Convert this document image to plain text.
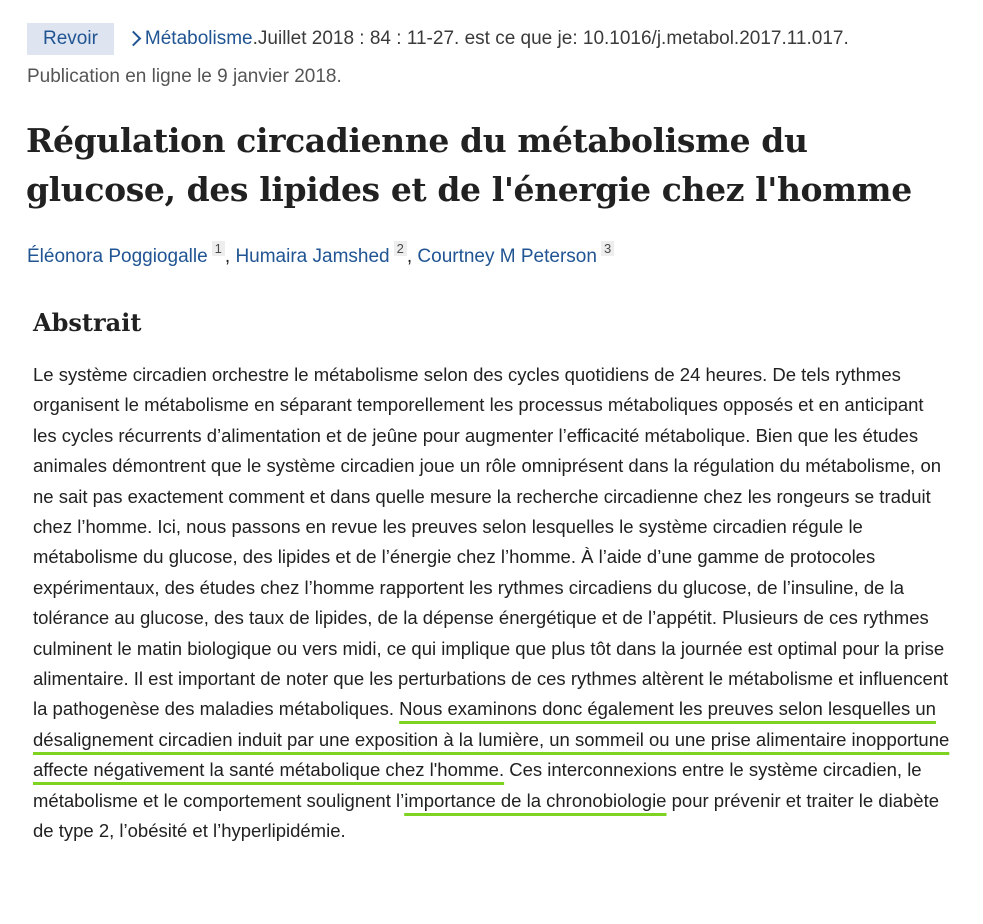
Revoir	Métabolisme .Juillet 2018 : 84 : 11-27. est ce que je: 10.1016/j.metabol.2017.11.017.
Publication en ligne le 9 janvier 2018.
Régulation circadienne du métabolisme du glucose, des lipides et de l'énergie chez l'homme
Éléonora Poggiogalle 1 , Humaira Jamshed 2 , Courtney M Peterson 3
Abstrait

Le système circadien orchestre le métabolisme selon des cycles quotidiens de 24 heures. De tels rythmes organisent le métabolisme en séparant temporellement les processus métaboliques opposés et en anticipant les cycles récurrents d’alimentation et de jeûne pour augmenter l’efficacité métabolique. Bien que les études animales démontrent que le système circadien joue un rôle omniprésent dans la régulation du métabolisme, on ne sait pas exactement comment et dans quelle mesure la recherche circadienne chez les rongeurs se traduit chez l’homme. Ici, nous passons en revue les preuves selon lesquelles le système circadien régule le métabolisme du glucose, des lipides et de l’énergie chez l’homme. À l’aide d’une gamme de protocoles expérimentaux, des études chez l’homme rapportent les rythmes circadiens du glucose, de l’insuline, de la tolérance au glucose, des taux de lipides, de la dépense énergétique et de l’appétit. Plusieurs de ces rythmes culminent le matin biologique ou vers midi, ce qui implique que plus tôt dans la journée est optimal pour la prise alimentaire. Il est important de noter que les perturbations de ces rythmes altèrent le métabolisme et influencent la pathogenèse des maladies métaboliques. Nous examinons donc également les preuves selon lesquelles un désalignement circadien induit par une exposition à la lumière, un sommeil ou une prise alimentaire inopportune affecte négativement la santé métabolique chez l'homme. Ces interconnexions entre le système circadien, le métabolisme et le comportement soulignent l’importance de la chronobiologie pour prévenir et traiter le diabète de type 2, l’obésité et l’hyperlipidémie.
